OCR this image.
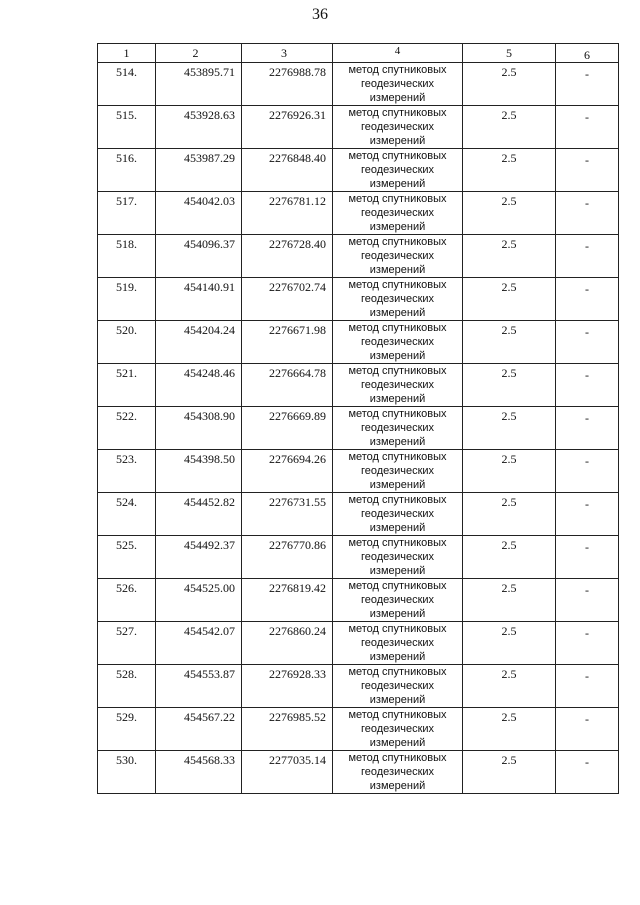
36
1	2	3	4	5	6
514.	453895.71	2276988.78	метод спутниковых геодезических измерений	2.5	-
515.	453928.63	2276926.31	метод спутниковых геодезических измерений	2.5	-
516.	453987.29	2276848.40	метод спутниковых геодезических измерений	2.5	-
517.	454042.03	2276781.12	метод спутниковых геодезических измерений	2.5	-
518.	454096.37	2276728.40	метод спутниковых геодезических измерений	2.5	-
519.	454140.91	2276702.74	метод спутниковых геодезических измерений	2.5	-
520.	454204.24	2276671.98	метод спутниковых геодезических измерений	2.5	-
521.	454248.46	2276664.78	метод спутниковых геодезических измерений	2.5	-
522.	454308.90	2276669.89	метод спутниковых геодезических измерений	2.5	-
523.	454398.50	2276694.26	метод спутниковых геодезических измерений	2.5	-
524.	454452.82	2276731.55	метод спутниковых геодезических измерений	2.5	-
525.	454492.37	2276770.86	метод спутниковых геодезических измерений	2.5	-
526.	454525.00	2276819.42	метод спутниковых геодезических измерений	2.5	-
527.	454542.07	2276860.24	метод спутниковых геодезических измерений	2.5	-
528.	454553.87	2276928.33	метод спутниковых геодезических измерений	2.5	-
529.	454567.22	2276985.52	метод спутниковых геодезических измерений	2.5	-
530.	454568.33	2277035.14	метод спутниковых геодезических измерений	2.5	-
